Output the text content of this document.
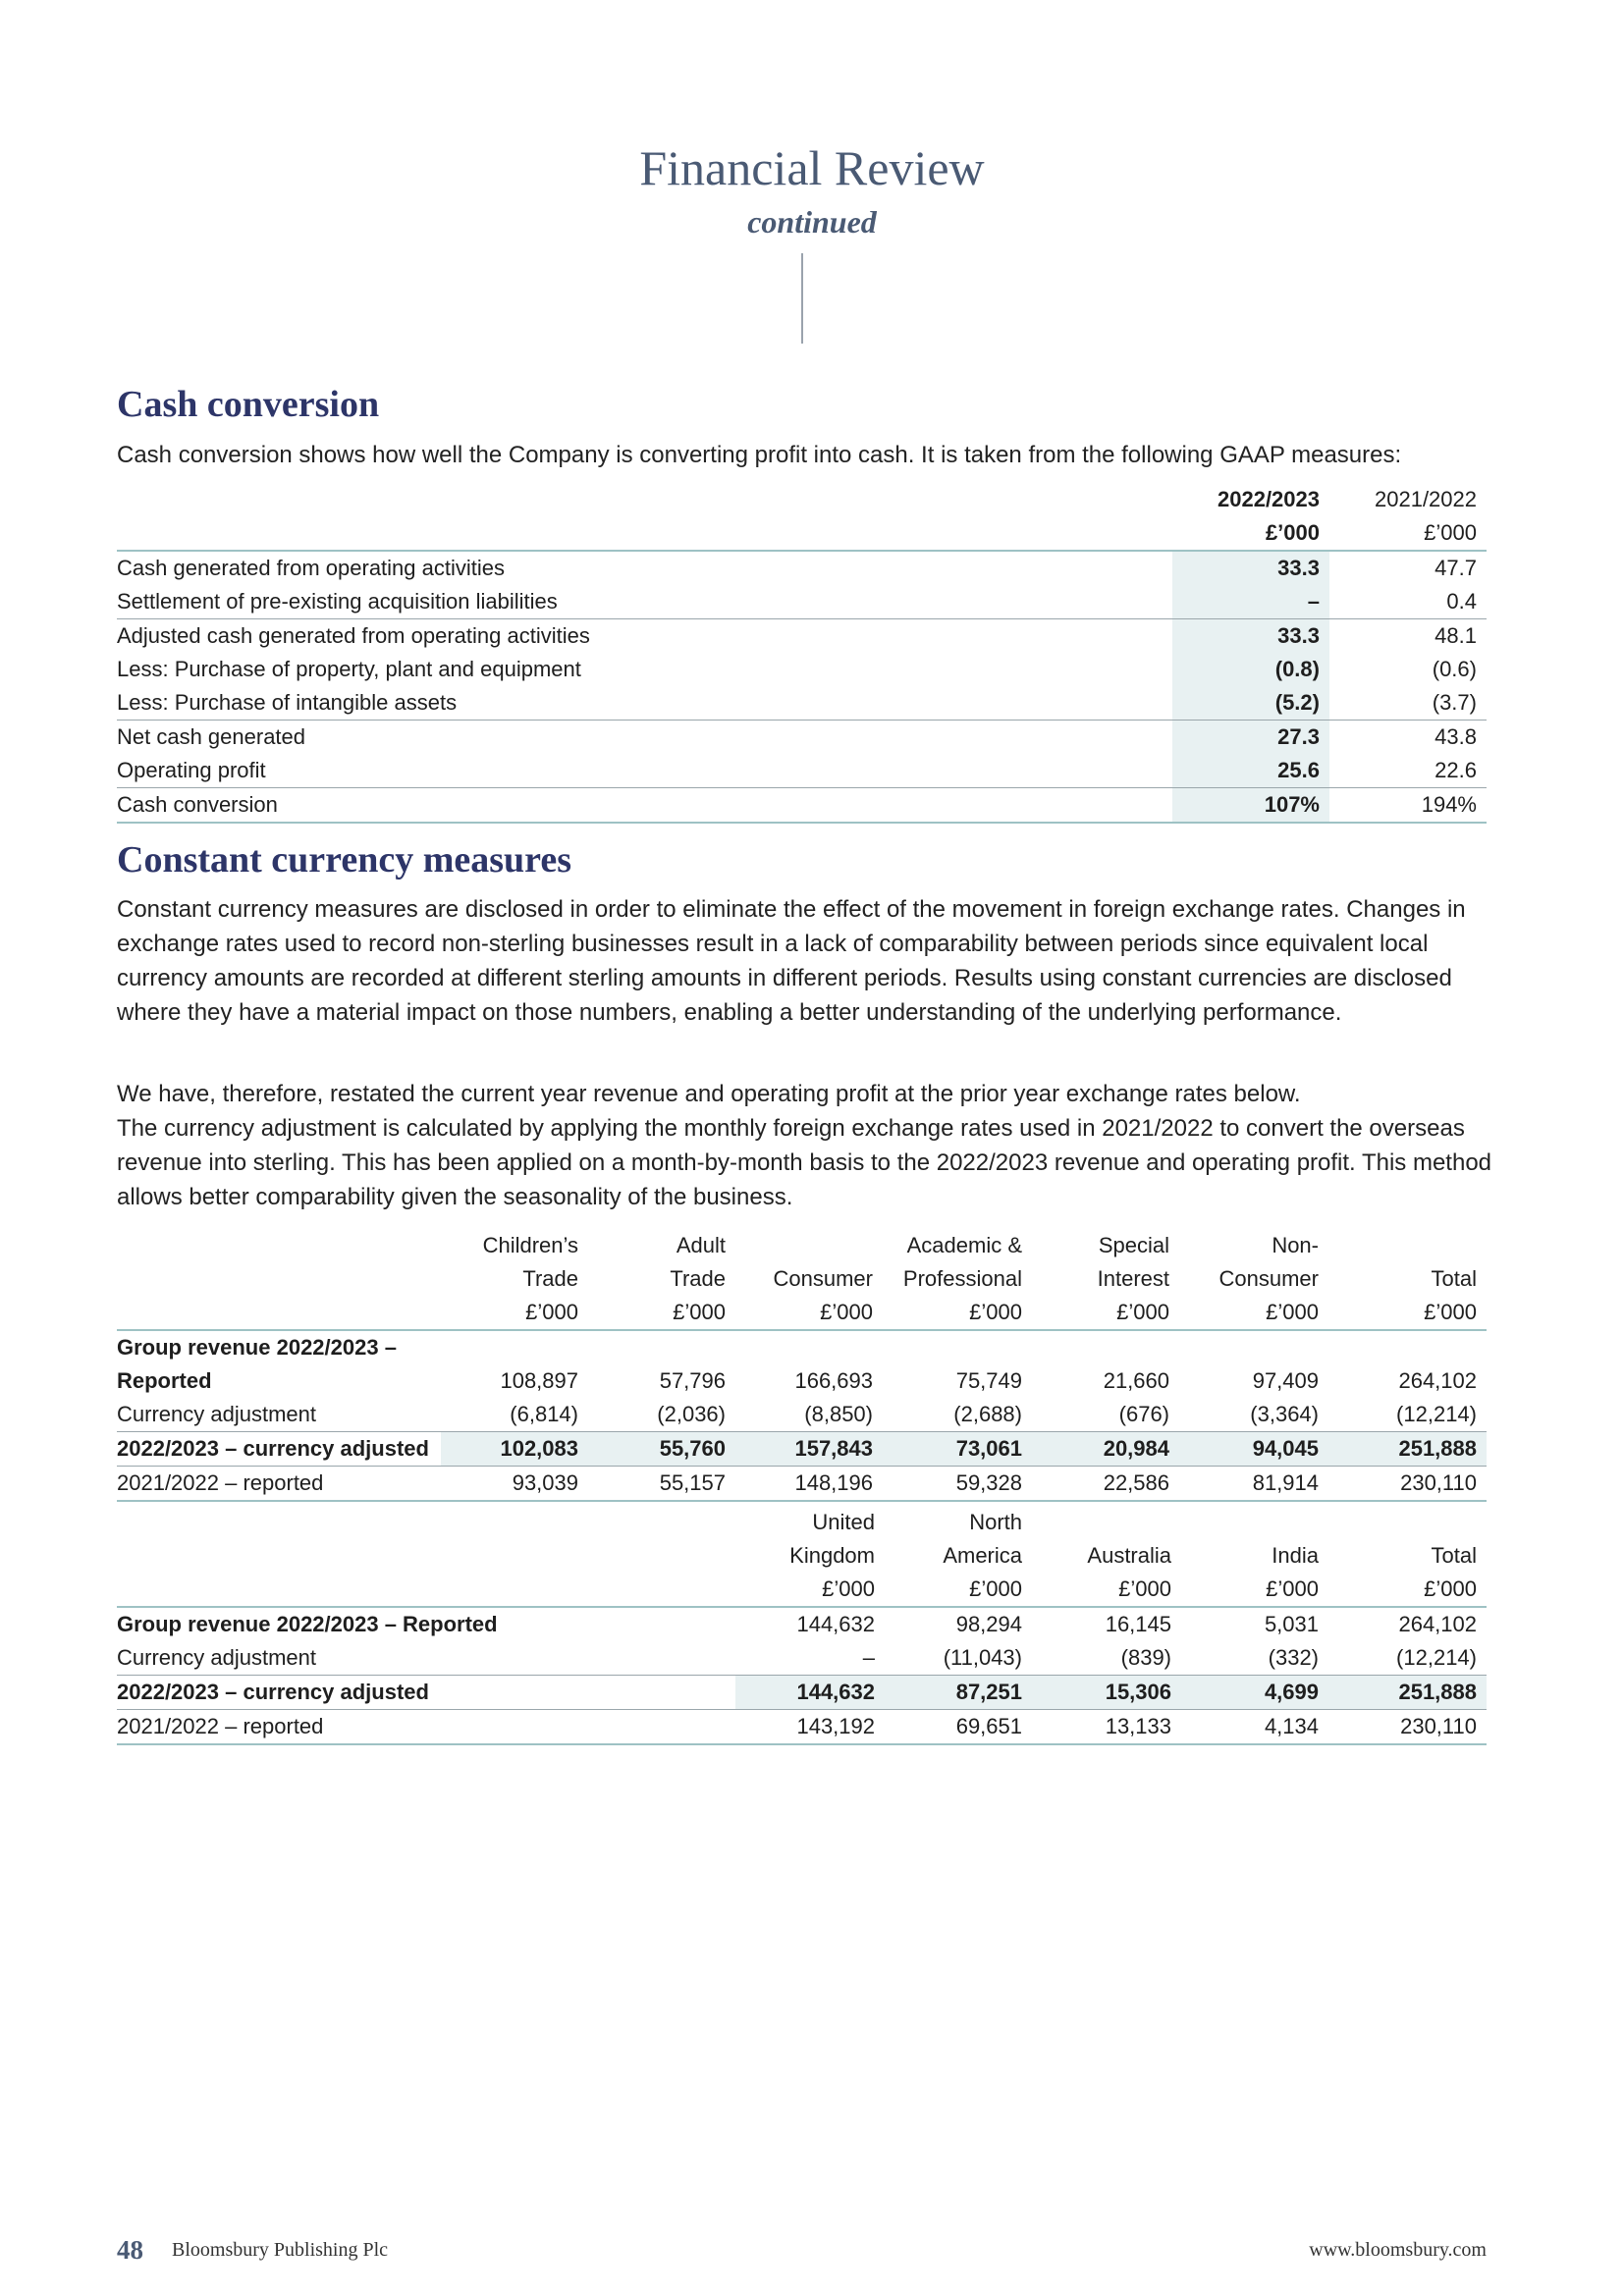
Financial Review
continued
Cash conversion
Cash conversion shows how well the Company is converting profit into cash. It is taken from the following GAAP measures:
	2022/2023	2021/2022
	£’000	£’000
Cash generated from operating activities	33.3	47.7
Settlement of pre-existing acquisition liabilities	–	0.4
Adjusted cash generated from operating activities	33.3	48.1
Less: Purchase of property, plant and equipment	(0.8)	(0.6)
Less: Purchase of intangible assets	(5.2)	(3.7)
Net cash generated	27.3	43.8
Operating profit	25.6	22.6
Cash conversion	107%	194%
Constant currency measures
Constant currency measures are disclosed in order to eliminate the effect of the movement in foreign exchange rates. Changes in exchange rates used to record non-sterling businesses result in a lack of comparability between periods since equivalent local currency amounts are recorded at different sterling amounts in different periods. Results using constant currencies are disclosed where they have a material impact on those numbers, enabling a better understanding of the underlying performance.
We have, therefore, restated the current year revenue and operating profit at the prior year exchange rates below.
The currency adjustment is calculated by applying the monthly foreign exchange rates used in 2021/2022 to convert the overseas revenue into sterling. This has been applied on a month-by-month basis to the 2022/2023 revenue and operating profit. This method allows better comparability given the seasonality of the business.
	Children’s	Adult		Academic &	Special	Non-	
	Trade	Trade	Consumer	Professional	Interest	Consumer	Total
	£’000	£’000	£’000	£’000	£’000	£’000	£’000
Group revenue 2022/2023 –							
Reported	108,897	57,796	166,693	75,749	21,660	97,409	264,102
Currency adjustment	(6,814)	(2,036)	(8,850)	(2,688)	(676)	(3,364)	(12,214)
2022/2023 – currency adjusted	102,083	55,760	157,843	73,061	20,984	94,045	251,888
2021/2022 – reported	93,039	55,157	148,196	59,328	22,586	81,914	230,110
	United	North			
	Kingdom	America	Australia	India	Total
	£’000	£’000	£’000	£’000	£’000
Group revenue 2022/2023 – Reported	144,632	98,294	16,145	5,031	264,102
Currency adjustment	–	(11,043)	(839)	(332)	(12,214)
2022/2023 – currency adjusted	144,632	87,251	15,306	4,699	251,888
2021/2022 – reported	143,192	69,651	13,133	4,134	230,110
48 Bloomsbury Publishing Plc	www.bloomsbury.com
